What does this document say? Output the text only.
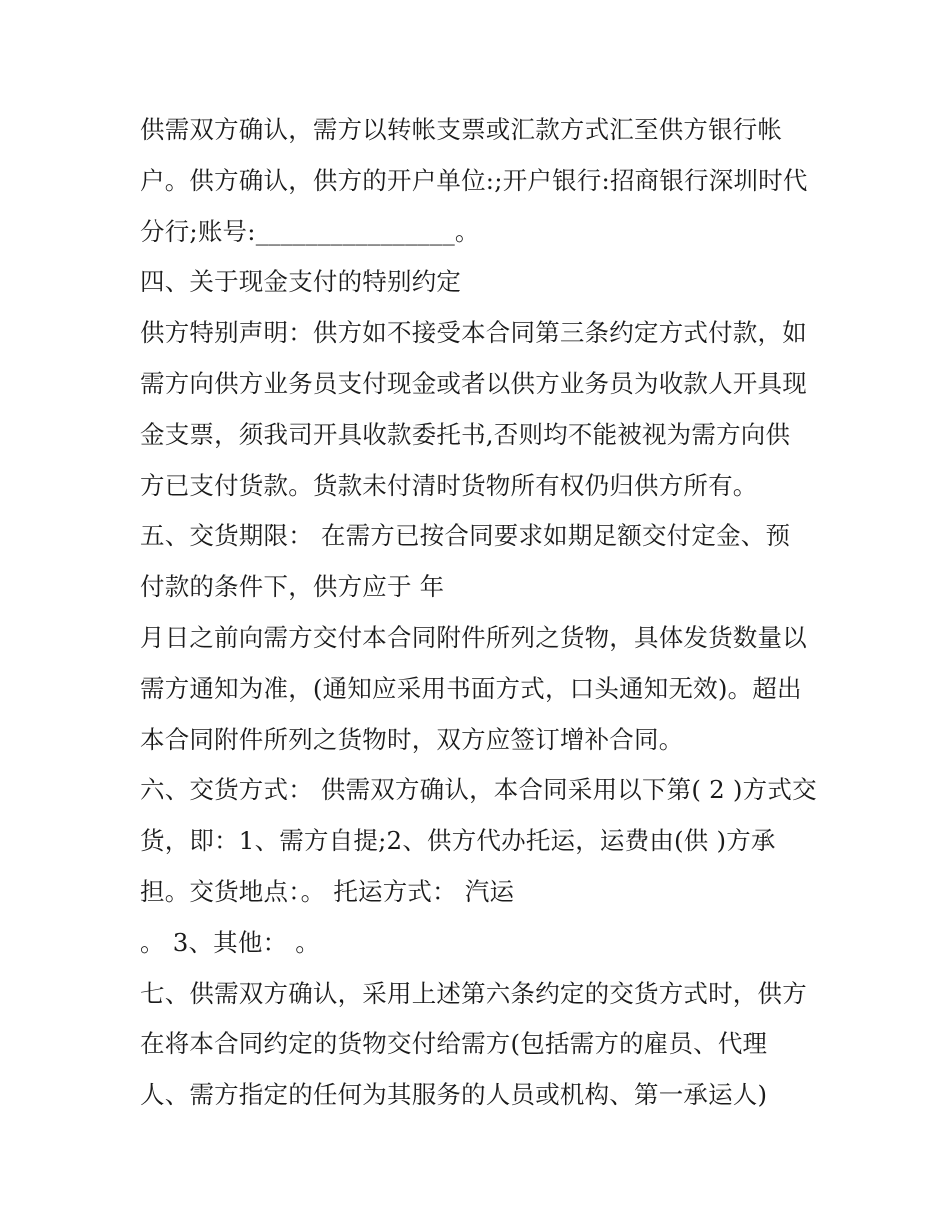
供需双方确认，需方以转帐支票或汇款方式汇至供方银行帐
户。供方确认，供方的开户单位:;开户银行:招商银行深圳时代
分行;账号:________________。
四、关于现金支付的特别约定
供方特别声明：供方如不接受本合同第三条约定方式付款，如
需方向供方业务员支付现金或者以供方业务员为收款人开具现
金支票，须我司开具收款委托书,否则均不能被视为需方向供
方已支付货款。货款未付清时货物所有权仍归供方所有。
五、交货期限： 在需方已按合同要求如期足额交付定金、预
付款的条件下，供方应于 年
月日之前向需方交付本合同附件所列之货物，具体发货数量以
需方通知为准，(通知应采用书面方式，口头通知无效)。超出
本合同附件所列之货物时，双方应签订增补合同。
六、交货方式： 供需双方确认，本合同采用以下第( 2 )方式交
货，即：1、需方自提;2、供方代办托运，运费由(供 )方承
担。交货地点：。 托运方式： 汽运
。 3、其他： 。
七、供需双方确认，采用上述第六条约定的交货方式时，供方
在将本合同约定的货物交付给需方(包括需方的雇员、代理
人、需方指定的任何为其服务的人员或机构、第一承运人)
